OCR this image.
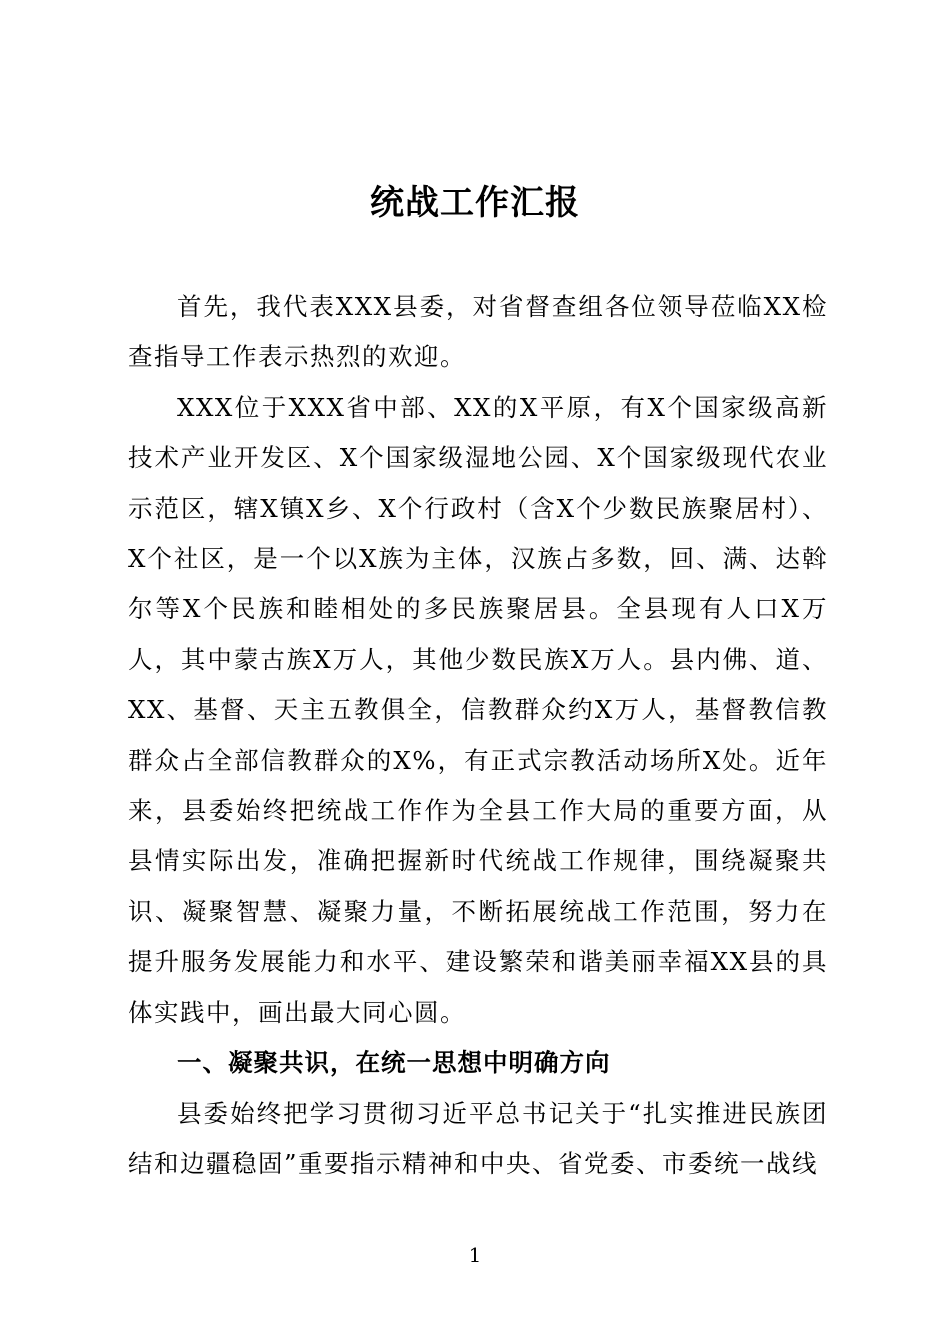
统战工作汇报

首先，我代表XXX县委，对省督查组各位领导莅临XX检查指导工作表示热烈的欢迎。

XXX位于XXX省中部、XX的X平原，有X个国家级高新技术产业开发区、X个国家级湿地公园、X个国家级现代农业示范区，辖X镇X乡、X个行政村（含X个少数民族聚居村）、X个社区，是一个以X族为主体，汉族占多数，回、满、达斡尔等X个民族和睦相处的多民族聚居县。全县现有人口X万人，其中蒙古族X万人，其他少数民族X万人。县内佛、道、XX、基督、天主五教俱全，信教群众约X万人，基督教信教群众占全部信教群众的X%，有正式宗教活动场所X处。近年来，县委始终把统战工作作为全县工作大局的重要方面，从县情实际出发，准确把握新时代统战工作规律，围绕凝聚共识、凝聚智慧、凝聚力量，不断拓展统战工作范围，努力在提升服务发展能力和水平、建设繁荣和谐美丽幸福XX县的具体实践中，画出最大同心圆。

一、凝聚共识，在统一思想中明确方向

县委始终把学习贯彻习近平总书记关于“扎实推进民族团结和边疆稳固”重要指示精神和中央、省党委、市委统一战线

1
